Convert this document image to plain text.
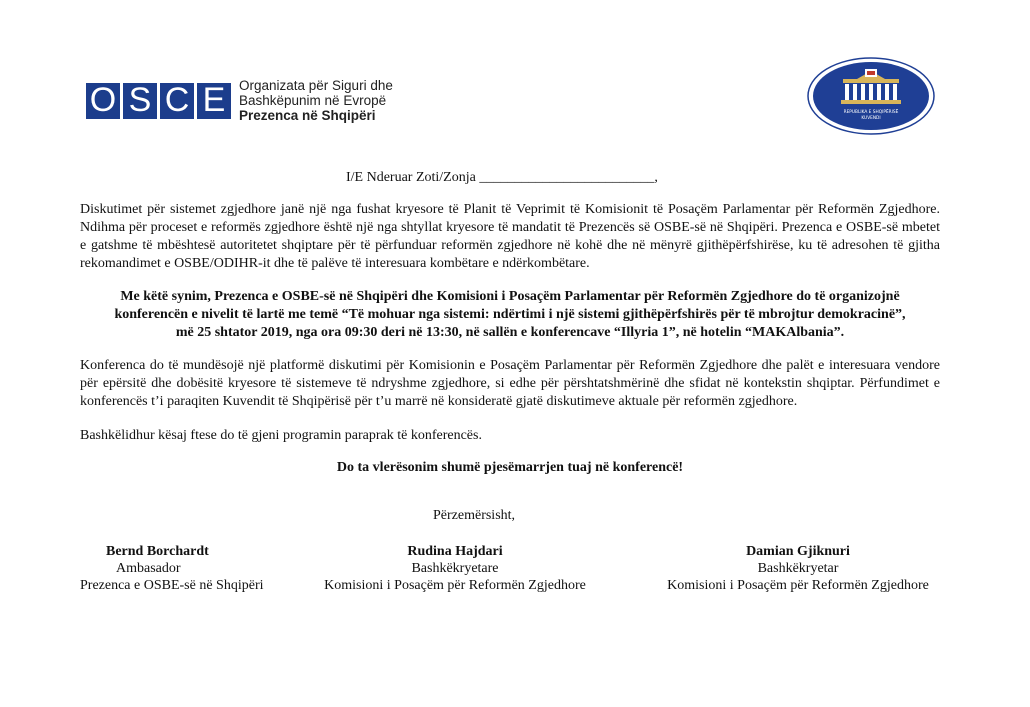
O S C E	Organizata për Siguri dhe
Bashkëpunim në Evropë
Prezenca në Shqipëri	REPUBLIKA E SHQIPËRISË
KUVENDI
I/E Nderuar Zoti/Zonja _________________________,
Diskutimet për sistemet zgjedhore janë një nga fushat kryesore të Planit të Veprimit të Komisionit të Posaçëm Parlamentar për Reformën Zgjedhore. Ndihma për proceset e reformës zgjedhore është një nga shtyllat kryesore të mandatit të Prezencës së OSBE-së në Shqipëri. Prezenca e OSBE-së mbetet e gatshme të mbështesë autoritetet shqiptare për të përfunduar reformën zgjedhore në kohë dhe në mënyrë gjithëpërfshirëse, ku të adresohen të gjitha rekomandimet e OSBE/ODIHR-it dhe të palëve të interesuara kombëtare e ndërkombëtare.
Me këtë synim, Prezenca e OSBE-së në Shqipëri dhe Komisioni i Posaçëm Parlamentar për Reformën Zgjedhore do të organizojnë
konferencën e nivelit të lartë me temë “Të mohuar nga sistemi: ndërtimi i një sistemi gjithëpërfshirës për të mbrojtur demokracinë”,
më 25 shtator 2019, nga ora 09:30 deri në 13:30, në sallën e konferencave “Illyria 1”, në hotelin “MAKAlbania”.
Konferenca do të mundësojë një platformë diskutimi për Komisionin e Posaçëm Parlamentar për Reformën Zgjedhore dhe palët e interesuara vendore për epërsitë dhe dobësitë kryesore të sistemeve të ndryshme zgjedhore, si edhe për përshtatshmërinë dhe sfidat në kontekstin shqiptar. Përfundimet e konferencës t’i paraqiten Kuvendit të Shqipërisë për t’u marrë në konsideratë gjatë diskutimeve aktuale për reformën zgjedhore.
Bashkëlidhur kësaj ftese do të gjeni programin paraprak të konferencës.
Do ta vlerësonim shumë pjesëmarrjen tuaj në konferencë!
Përzemërsisht,
Bernd Borchardt
Ambasador
Prezenca e OSBE-së në Shqipëri
Rudina Hajdari
Bashkëkryetare
Komisioni i Posaçëm për Reformën Zgjedhore
Damian Gjiknuri
Bashkëkryetar
Komisioni i Posaçëm për Reformën Zgjedhore
